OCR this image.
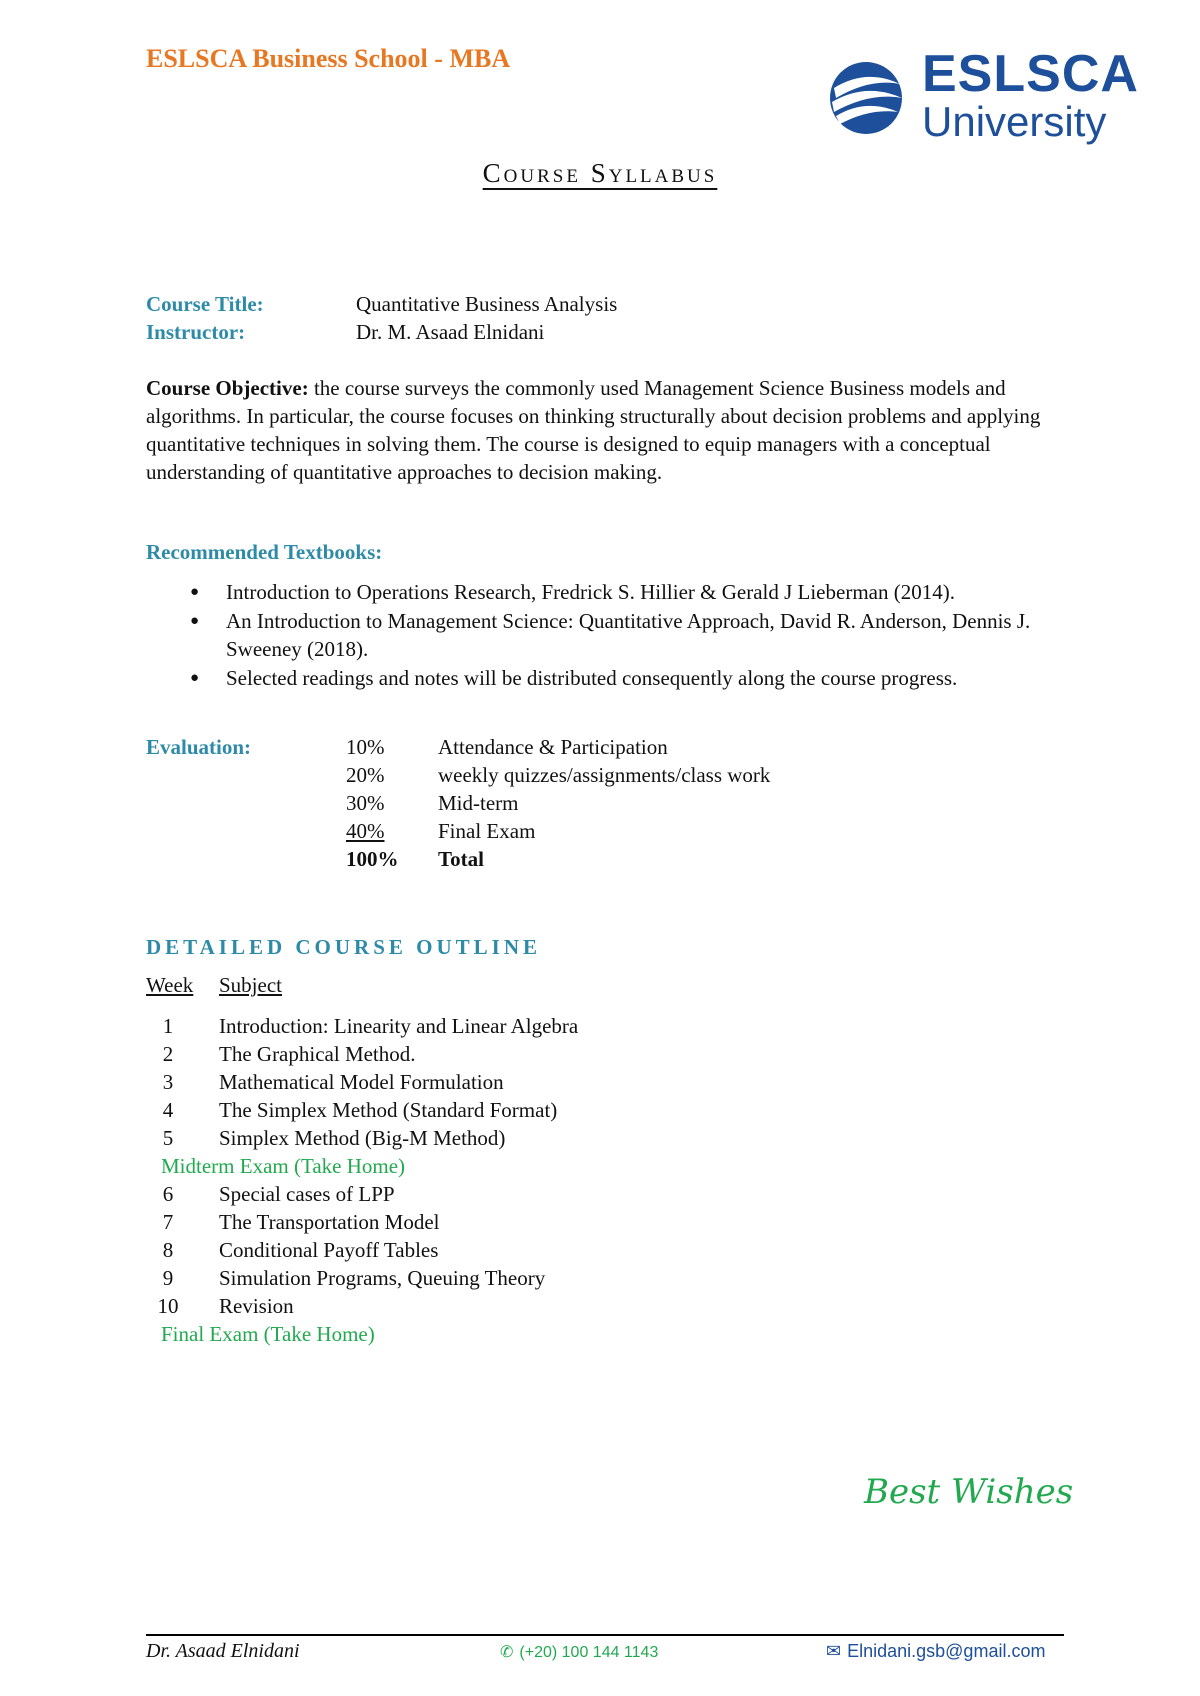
ESLSCA Business School - MBA	ESLSCA
University
Course Syllabus
Course Title:	Quantitative Business Analysis
Instructor:	Dr. M. Asaad Elnidani
Course Objective: the course surveys the commonly used Management Science Business models and algorithms. In particular, the course focuses on thinking structurally about decision problems and applying quantitative techniques in solving them. The course is designed to equip managers with a conceptual understanding of quantitative approaches to decision making.
Recommended Textbooks:
● Introduction to Operations Research, Fredrick S. Hillier & Gerald J Lieberman (2014).
● An Introduction to Management Science: Quantitative Approach, David R. Anderson, Dennis J. Sweeney (2018).
● Selected readings and notes will be distributed consequently along the course progress.
Evaluation:	10%	Attendance & Participation
20%	weekly quizzes/assignments/class work
30%	Mid-term
40%	Final Exam
100%	Total
DETAILED COURSE OUTLINE
Week Subject
1	Introduction: Linearity and Linear Algebra
2	The Graphical Method.
3	Mathematical Model Formulation
4	The Simplex Method (Standard Format)
5	Simplex Method (Big-M Method)
Midterm Exam (Take Home)
6	Special cases of LPP
7	The Transportation Model
8	Conditional Payoff Tables
9	Simulation Programs, Queuing Theory
10	Revision
Final Exam (Take Home)
Best Wishes
Dr. Asaad Elnidani	✆ (+20) 100 144 1143	✉ Elnidani.gsb@gmail.com
